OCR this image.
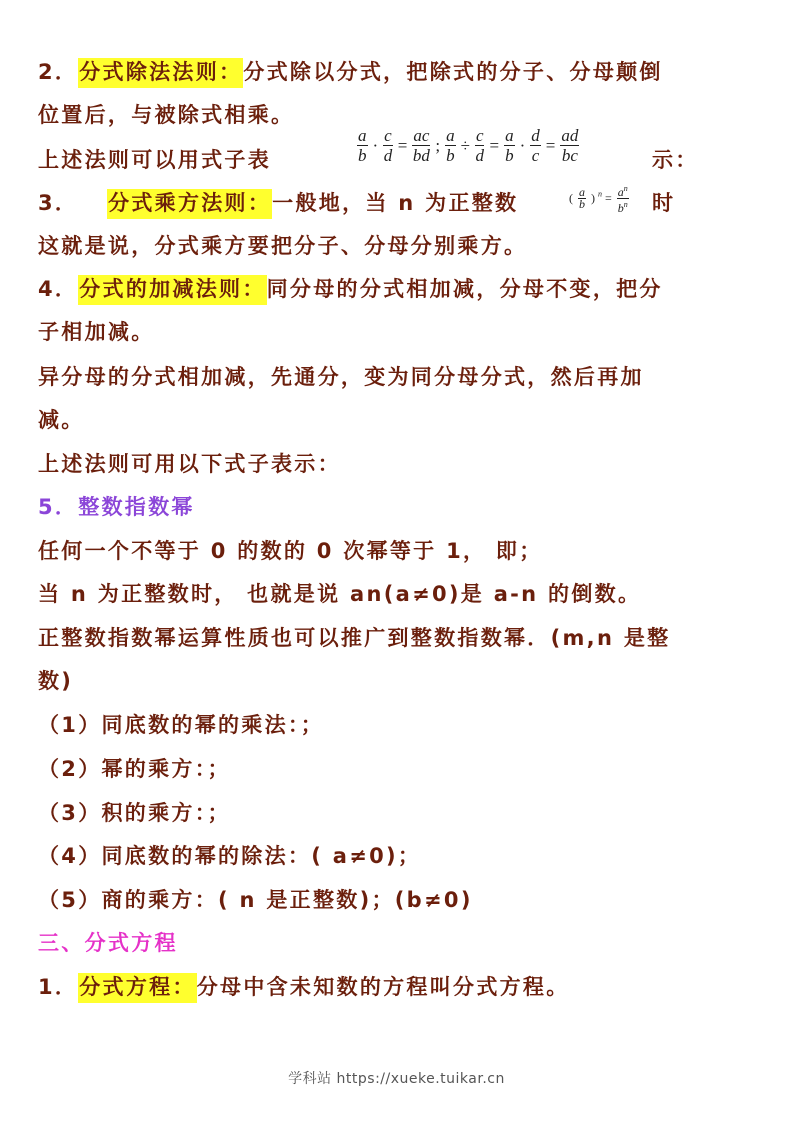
2．分式除法法则：分式除以分式，把除式的分子、分母颠倒
位置后，与被除式相乘。
上述法则可以用式子表	$\frac{a}{b} \cdot \frac{c}{d} = \frac{ac}{bd}$ ; $\frac{a}{b} \div \frac{c}{d} = \frac{a}{b} \cdot \frac{d}{c} = \frac{ad}{bc}$	示：
3．   分式乘方法则：一般地，当 n 为正整数	( $\frac{a}{b}$ ) $^n = \frac{a^n}{b^n}$ 时
这就是说，分式乘方要把分子、分母分别乘方。
4．分式的加减法则：同分母的分式相加减，分母不变，把分
子相加减。
异分母的分式相加减，先通分，变为同分母分式，然后再加
减。
上述法则可用以下式子表示：
5．整数指数幂
任何一个不等于 0 的数的 0 次幂等于 1， 即；
当 n 为正整数时， 也就是说 an(a≠0)是 a-n 的倒数。
正整数指数幂运算性质也可以推广到整数指数幂．(m,n 是整
数)
（1）同底数的幂的乘法：；
（2）幂的乘方：；
（3）积的乘方：；
（4）同底数的幂的除法：( a≠0)；
（5）商的乘方：( n 是正整数)；(b≠0)
三、分式方程
1．分式方程：分母中含未知数的方程叫分式方程。
学科站 https://xueke.tuikar.cn
